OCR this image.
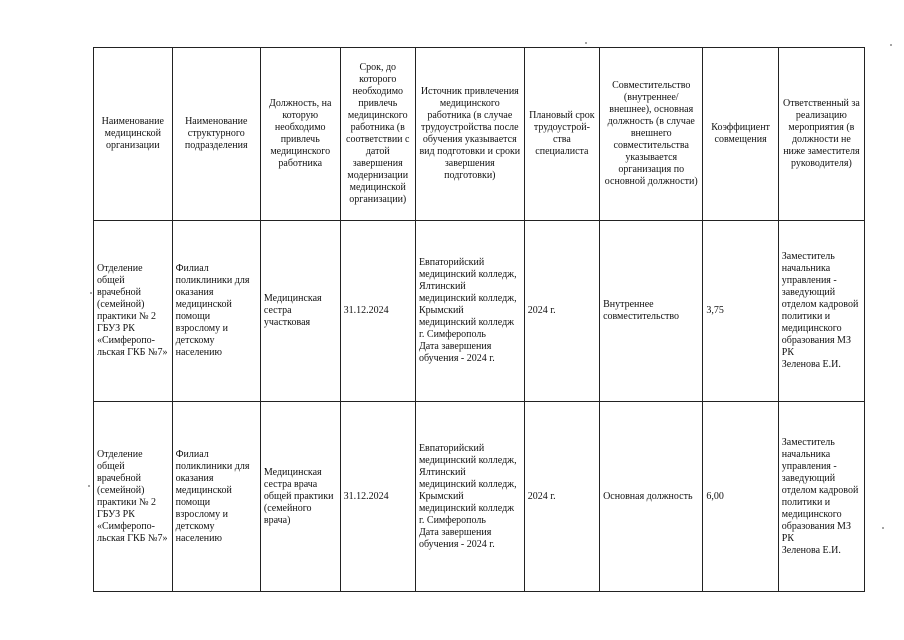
Наименование медицинской организации	Наименование структурного подразделения	Должность, на которую необходимо привлечь медицинского работника	Срок, до которого необходимо привлечь медицинского работника (в соответствии с датой завершения модернизации медицинской организации)	Источник привлечения медицинского работника (в случае трудоустройства после обучения указывается вид подготовки и сроки завершения подготовки)	Плановый срок трудоустрой-ства специалиста	Совместительство (внутреннее/ внешнее), основная должность (в случае внешнего совместительства указывается организация по основной должности)	Коэффициент совмещения	Ответственный за реализацию мероприятия (в должности не ниже заместителя руководителя)
Отделение общей врачебной (семейной) практики № 2 ГБУЗ РК «Симферопо-льская ГКБ №7»	Филиал поликлиники для оказания медицинской помощи взрослому и детскому населению	Медицинская сестра участковая	31.12.2024	Евпаторийский медицинский колледж, Ялтинский медицинский колледж, Крымский медицинский колледж
г. Симферополь
Дата завершения обучения - 2024 г.	2024 г.	Внутреннее совместительство	3,75	Заместитель начальника управления - заведующий отделом кадровой политики и медицинского образования МЗ РК
Зеленова Е.И.
Отделение общей врачебной (семейной) практики № 2 ГБУЗ РК «Симферопо-льская ГКБ №7»	Филиал поликлиники для оказания медицинской помощи взрослому и детскому населению	Медицинская сестра врача общей практики (семейного врача)	31.12.2024	Евпаторийский медицинский колледж, Ялтинский медицинский колледж, Крымский медицинский колледж
г. Симферополь
Дата завершения обучения - 2024 г.	2024 г.	Основная должность	6,00	Заместитель начальника управления - заведующий отделом кадровой политики и медицинского образования МЗ РК
Зеленова Е.И.
